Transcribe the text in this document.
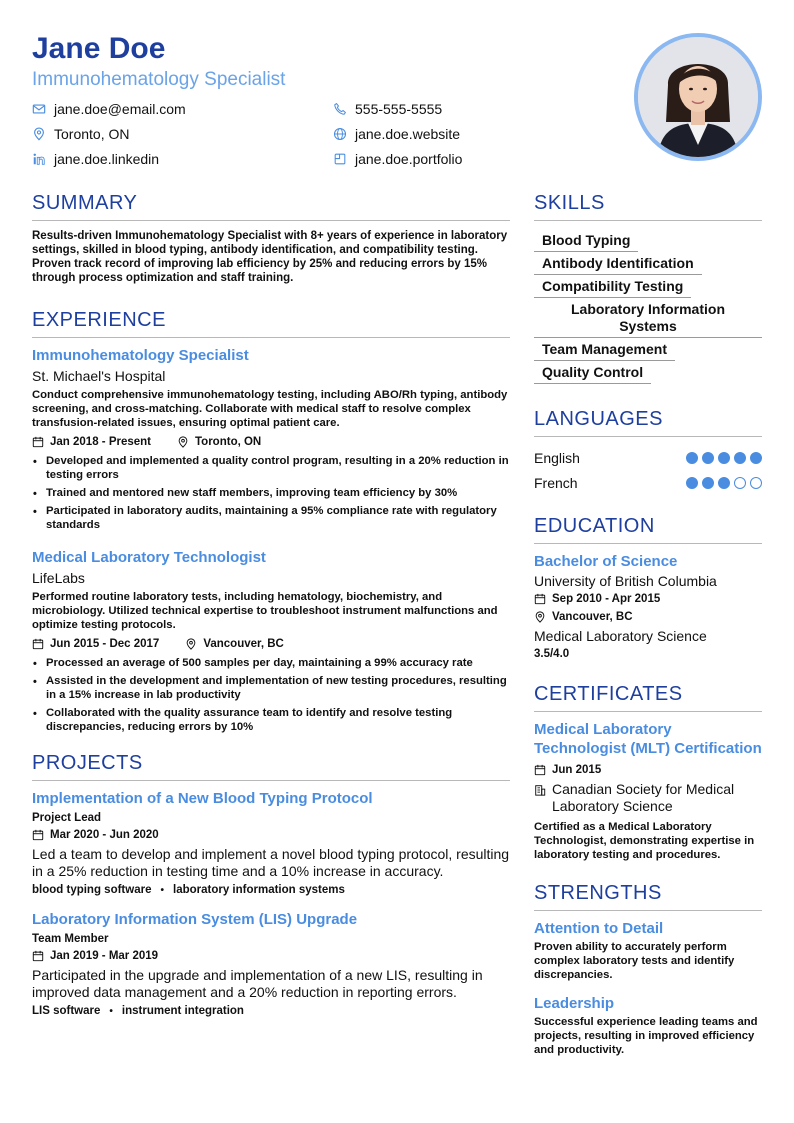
Jane Doe
Immunohematology Specialist
jane.doe@email.com	555-555-5555
Toronto, ON	jane.doe.website
jane.doe.linkedin	jane.doe.portfolio
SUMMARY
Results-driven Immunohematology Specialist with 8+ years of experience in laboratory settings, skilled in blood typing, antibody identification, and compatibility testing. Proven track record of improving lab efficiency by 25% and reducing errors by 15% through process optimization and staff training.
EXPERIENCE
Immunohematology Specialist
St. Michael's Hospital
Conduct comprehensive immunohematology testing, including ABO/Rh typing, antibody screening, and cross-matching. Collaborate with medical staff to resolve complex transfusion-related issues, ensuring optimal patient care.
Jan 2018 - Present	Toronto, ON
• Developed and implemented a quality control program, resulting in a 20% reduction in testing errors
• Trained and mentored new staff members, improving team efficiency by 30%
• Participated in laboratory audits, maintaining a 95% compliance rate with regulatory standards
Medical Laboratory Technologist
LifeLabs
Performed routine laboratory tests, including hematology, biochemistry, and microbiology. Utilized technical expertise to troubleshoot instrument malfunctions and optimize testing protocols.
Jun 2015 - Dec 2017	Vancouver, BC
• Processed an average of 500 samples per day, maintaining a 99% accuracy rate
• Assisted in the development and implementation of new testing procedures, resulting in a 15% increase in lab productivity
• Collaborated with the quality assurance team to identify and resolve testing discrepancies, reducing errors by 10%
PROJECTS
Implementation of a New Blood Typing Protocol
Project Lead
Mar 2020 - Jun 2020
Led a team to develop and implement a novel blood typing protocol, resulting in a 25% reduction in testing time and a 10% increase in accuracy.
blood typing software • laboratory information systems
Laboratory Information System (LIS) Upgrade
Team Member
Jan 2019 - Mar 2019
Participated in the upgrade and implementation of a new LIS, resulting in improved data management and a 20% reduction in reporting errors.
LIS software • instrument integration
SKILLS
Blood Typing
Antibody Identification
Compatibility Testing
Laboratory Information Systems
Team Management
Quality Control
LANGUAGES
English
French
EDUCATION
Bachelor of Science
University of British Columbia
Sep 2010 - Apr 2015
Vancouver, BC
Medical Laboratory Science
3.5/4.0
CERTIFICATES
Medical Laboratory Technologist (MLT) Certification
Jun 2015
Canadian Society for Medical Laboratory Science
Certified as a Medical Laboratory Technologist, demonstrating expertise in laboratory testing and procedures.
STRENGTHS
Attention to Detail
Proven ability to accurately perform complex laboratory tests and identify discrepancies.
Leadership
Successful experience leading teams and projects, resulting in improved efficiency and productivity.
